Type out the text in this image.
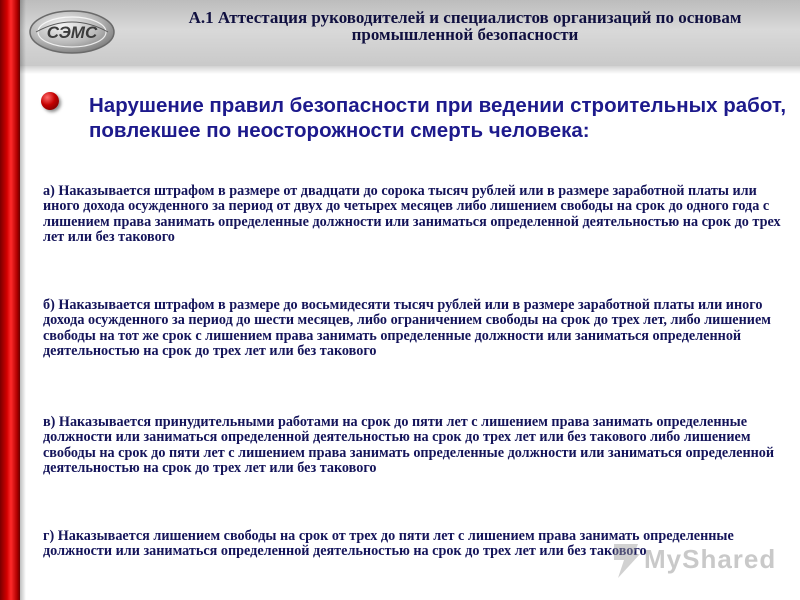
СЭМС
А.1 Аттестация руководителей и специалистов организаций по основам промышленной безопасности
Нарушение правил безопасности при ведении строительных работ, повлекшее по неосторожности смерть человека:
а) Наказывается штрафом в размере от двадцати до сорока тысяч рублей или в размере заработной платы или иного дохода осужденного за период от двух до четырех месяцев либо лишением свободы на срок до одного года с лишением права занимать определенные должности или заниматься определенной деятельностью на срок до трех лет или без такового
б) Наказывается штрафом в размере до восьмидесяти тысяч рублей или в размере заработной платы или иного дохода осужденного за период до шести месяцев, либо ограничением свободы на срок до трех лет, либо лишением свободы на тот же срок с лишением права занимать определенные должности или заниматься определенной деятельностью на срок до трех лет или без такового
в) Наказывается принудительными работами на срок до пяти лет с лишением права занимать определенные должности или заниматься определенной деятельностью на срок до трех лет или без такового либо лишением свободы на срок до пяти лет с лишением права занимать определенные должности или заниматься определенной деятельностью на срок до трех лет или без такового
г) Наказывается лишением свободы на срок от трех до пяти лет с лишением права занимать определенные должности или заниматься определенной деятельностью на срок до трех лет или без такового
MyShared
